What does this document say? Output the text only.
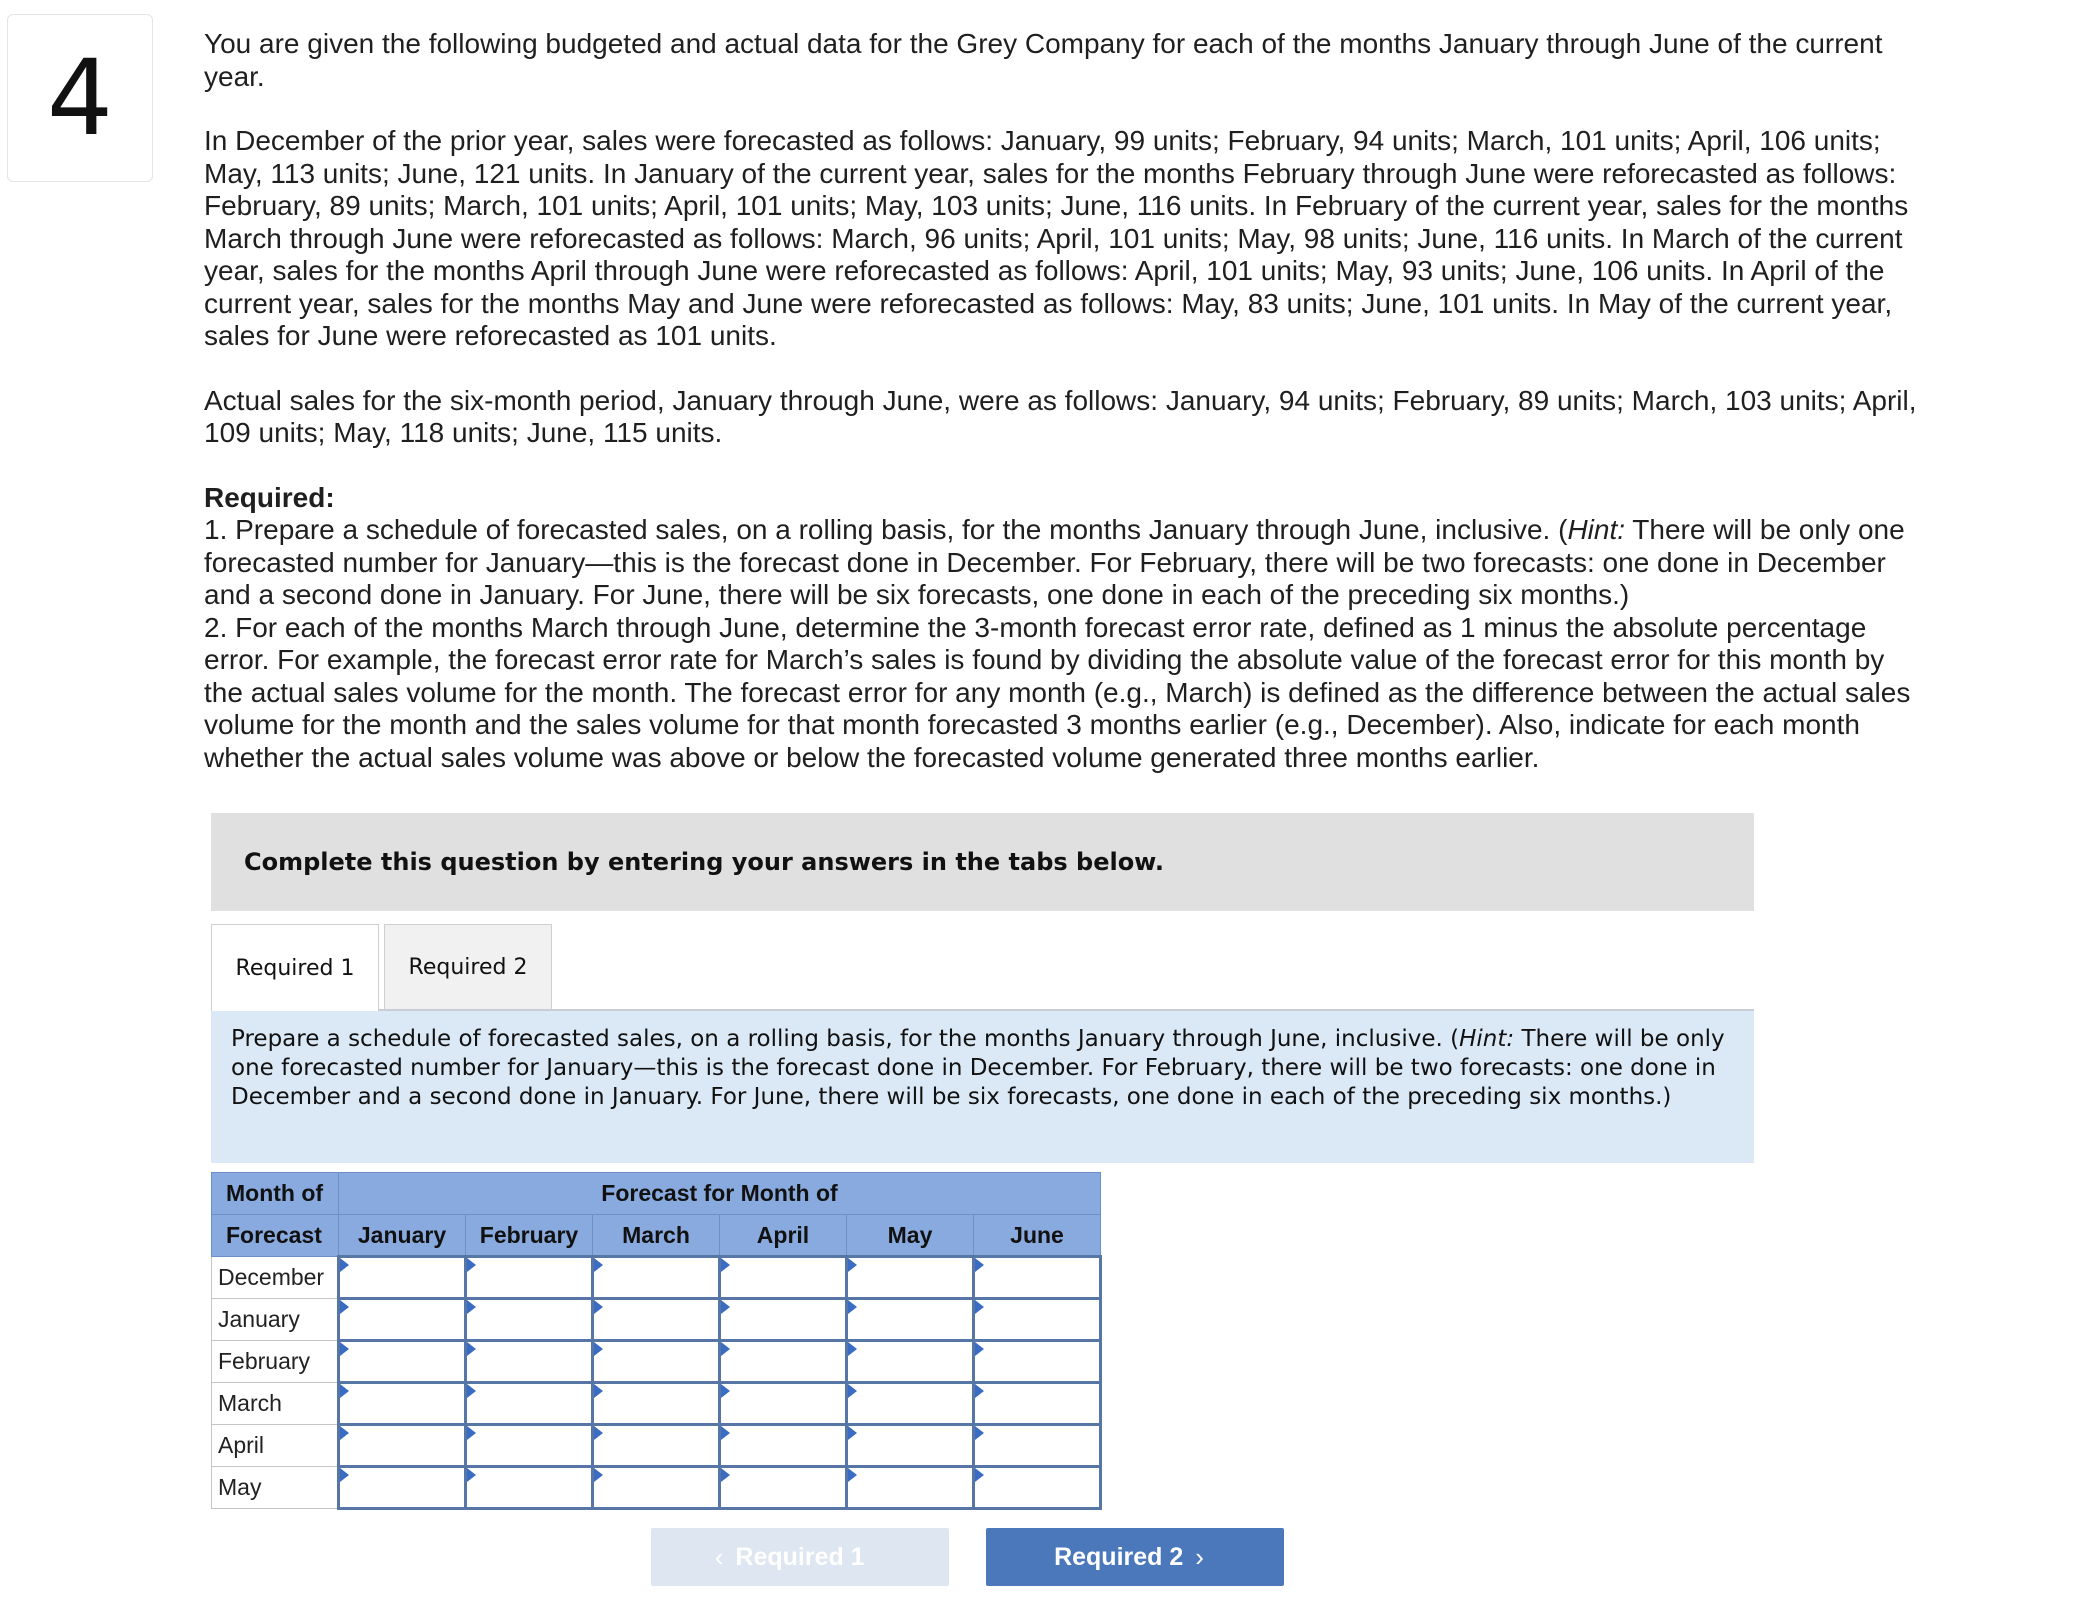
4	You are given the following budgeted and actual data for the Grey Company for each of the months January through June of the current year.

In December of the prior year, sales were forecasted as follows: January, 99 units; February, 94 units; March, 101 units; April, 106 units; May, 113 units; June, 121 units. In January of the current year, sales for the months February through June were reforecasted as follows: February, 89 units; March, 101 units; April, 101 units; May, 103 units; June, 116 units. In February of the current year, sales for the months March through June were reforecasted as follows: March, 96 units; April, 101 units; May, 98 units; June, 116 units. In March of the current year, sales for the months April through June were reforecasted as follows: April, 101 units; May, 93 units; June, 106 units. In April of the current year, sales for the months May and June were reforecasted as follows: May, 83 units; June, 101 units. In May of the current year, sales for June were reforecasted as 101 units.

Actual sales for the six-month period, January through June, were as follows: January, 94 units; February, 89 units; March, 103 units; April, 109 units; May, 118 units; June, 115 units.

Required:
1. Prepare a schedule of forecasted sales, on a rolling basis, for the months January through June, inclusive. (Hint: There will be only one forecasted number for January—this is the forecast done in December. For February, there will be two forecasts: one done in December and a second done in January. For June, there will be six forecasts, one done in each of the preceding six months.)
2. For each of the months March through June, determine the 3-month forecast error rate, defined as 1 minus the absolute percentage error. For example, the forecast error rate for March’s sales is found by dividing the absolute value of the forecast error for this month by the actual sales volume for the month. The forecast error for any month (e.g., March) is defined as the difference between the actual sales volume for the month and the sales volume for that month forecasted 3 months earlier (e.g., December). Also, indicate for each month whether the actual sales volume was above or below the forecasted volume generated three months earlier.

Complete this question by entering your answers in the tabs below.
Required 1	Required 2
Prepare a schedule of forecasted sales, on a rolling basis, for the months January through June, inclusive. (Hint: There will be only one forecasted number for January—this is the forecast done in December. For February, there will be two forecasts: one done in December and a second done in January. For June, there will be six forecasts, one done in each of the preceding six months.)
Month of	Forecast for Month of					
Forecast	January	February	March	April	May	June
December	

January	

February	

March	

April	

May	

‹ Required 1	Required 2 ›
